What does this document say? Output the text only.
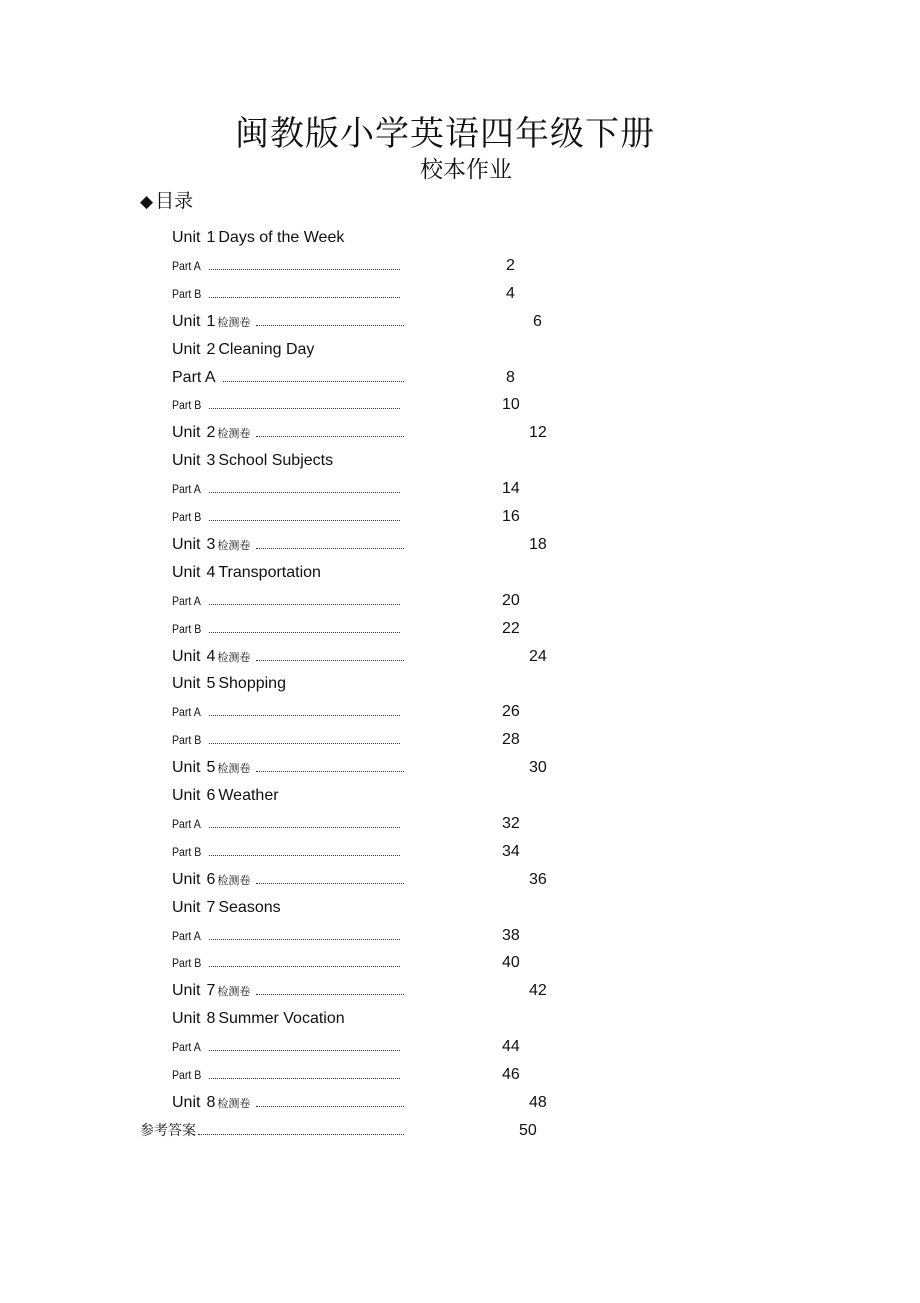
闽教版小学英语四年级下册
校本作业
◆ 目录
Unit 1 Days of the Week
Part A	2
Part B	4
Unit 1 检测卷	6
Unit 2 Cleaning Day
Part A	8
Part B	10
Unit 2 检测卷	12
Unit 3 School Subjects
Part A	14
Part B	16
Unit 3 检测卷	18
Unit 4 Transportation
Part A	20
Part B	22
Unit 4 检测卷	24
Unit 5 Shopping
Part A	26
Part B	28
Unit 5 检测卷	30
Unit 6 Weather
Part A	32
Part B	34
Unit 6 检测卷	36
Unit 7 Seasons
Part A	38
Part B	40
Unit 7 检测卷	42
Unit 8 Summer Vocation
Part A	44
Part B	46
Unit 8 检测卷	48
参考答案	50
